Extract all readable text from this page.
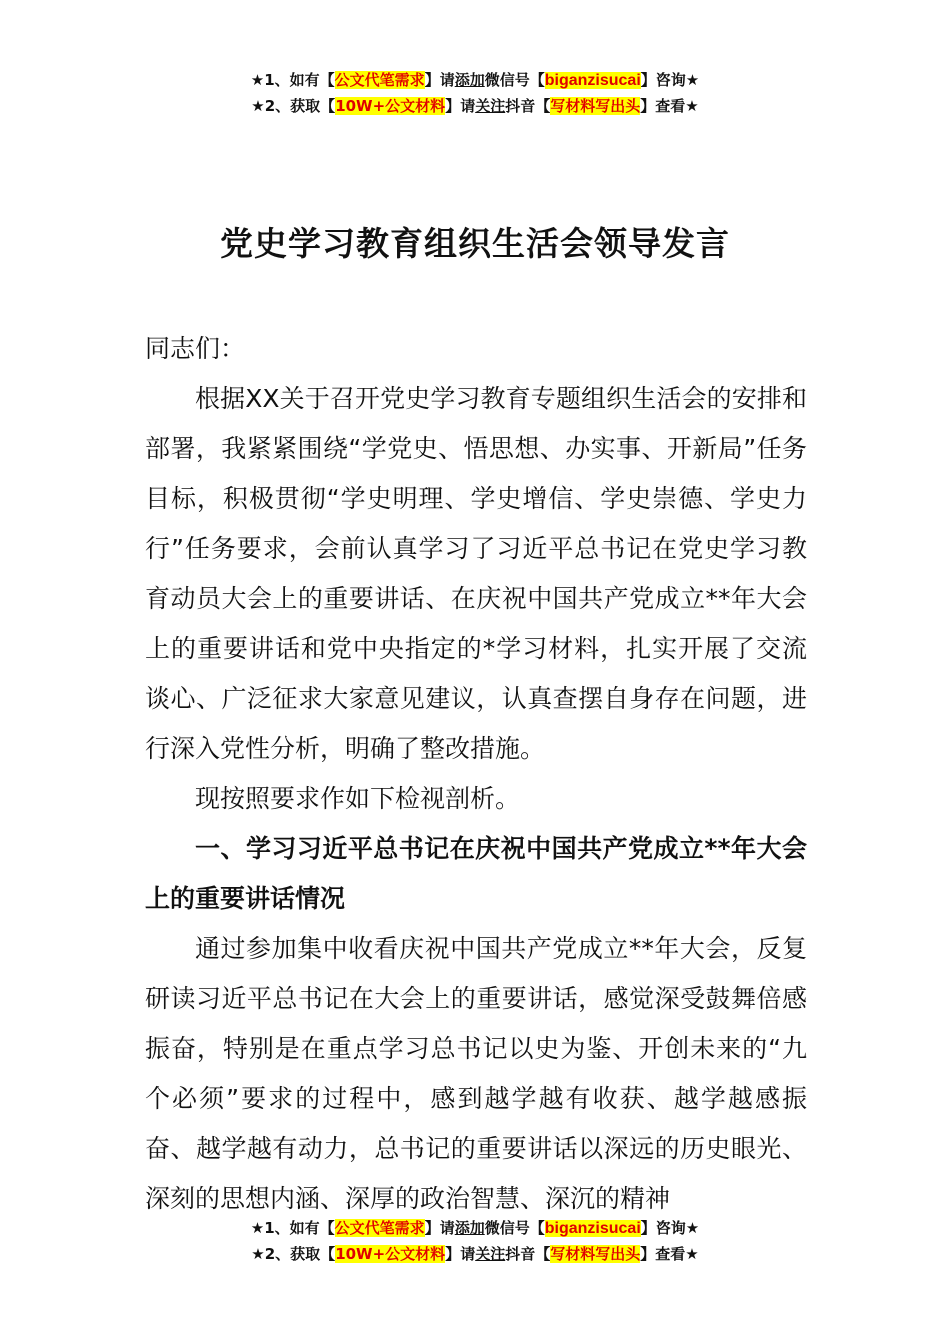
★1、如有【公文代笔需求】请添加微信号【biganzisucai】咨询★
★2、获取【10W+公文材料】请关注抖音【写材料写出头】查看★
党史学习教育组织生活会领导发言

同志们：

根据XX关于召开党史学习教育专题组织生活会的安排和部署，我紧紧围绕“学党史、悟思想、办实事、开新局”任务目标，积极贯彻“学史明理、学史增信、学史崇德、学史力行”任务要求，会前认真学习了习近平总书记在党史学习教育动员大会上的重要讲话、在庆祝中国共产党成立**年大会上的重要讲话和党中央指定的*学习材料，扎实开展了交流谈心、广泛征求大家意见建议，认真查摆自身存在问题，进行深入党性分析，明确了整改措施。

现按照要求作如下检视剖析。

一、学习习近平总书记在庆祝中国共产党成立**年大会上的重要讲话情况

通过参加集中收看庆祝中国共产党成立**年大会，反复研读习近平总书记在大会上的重要讲话，感觉深受鼓舞倍感振奋，特别是在重点学习总书记以史为鉴、开创未来的“九个必须”要求的过程中，感到越学越有收获、越学越感振奋、越学越有动力，总书记的重要讲话以深远的历史眼光、深刻的思想内涵、深厚的政治智慧、深沉的精神

★1、如有【公文代笔需求】请添加微信号【biganzisucai】咨询★
★2、获取【10W+公文材料】请关注抖音【写材料写出头】查看★
